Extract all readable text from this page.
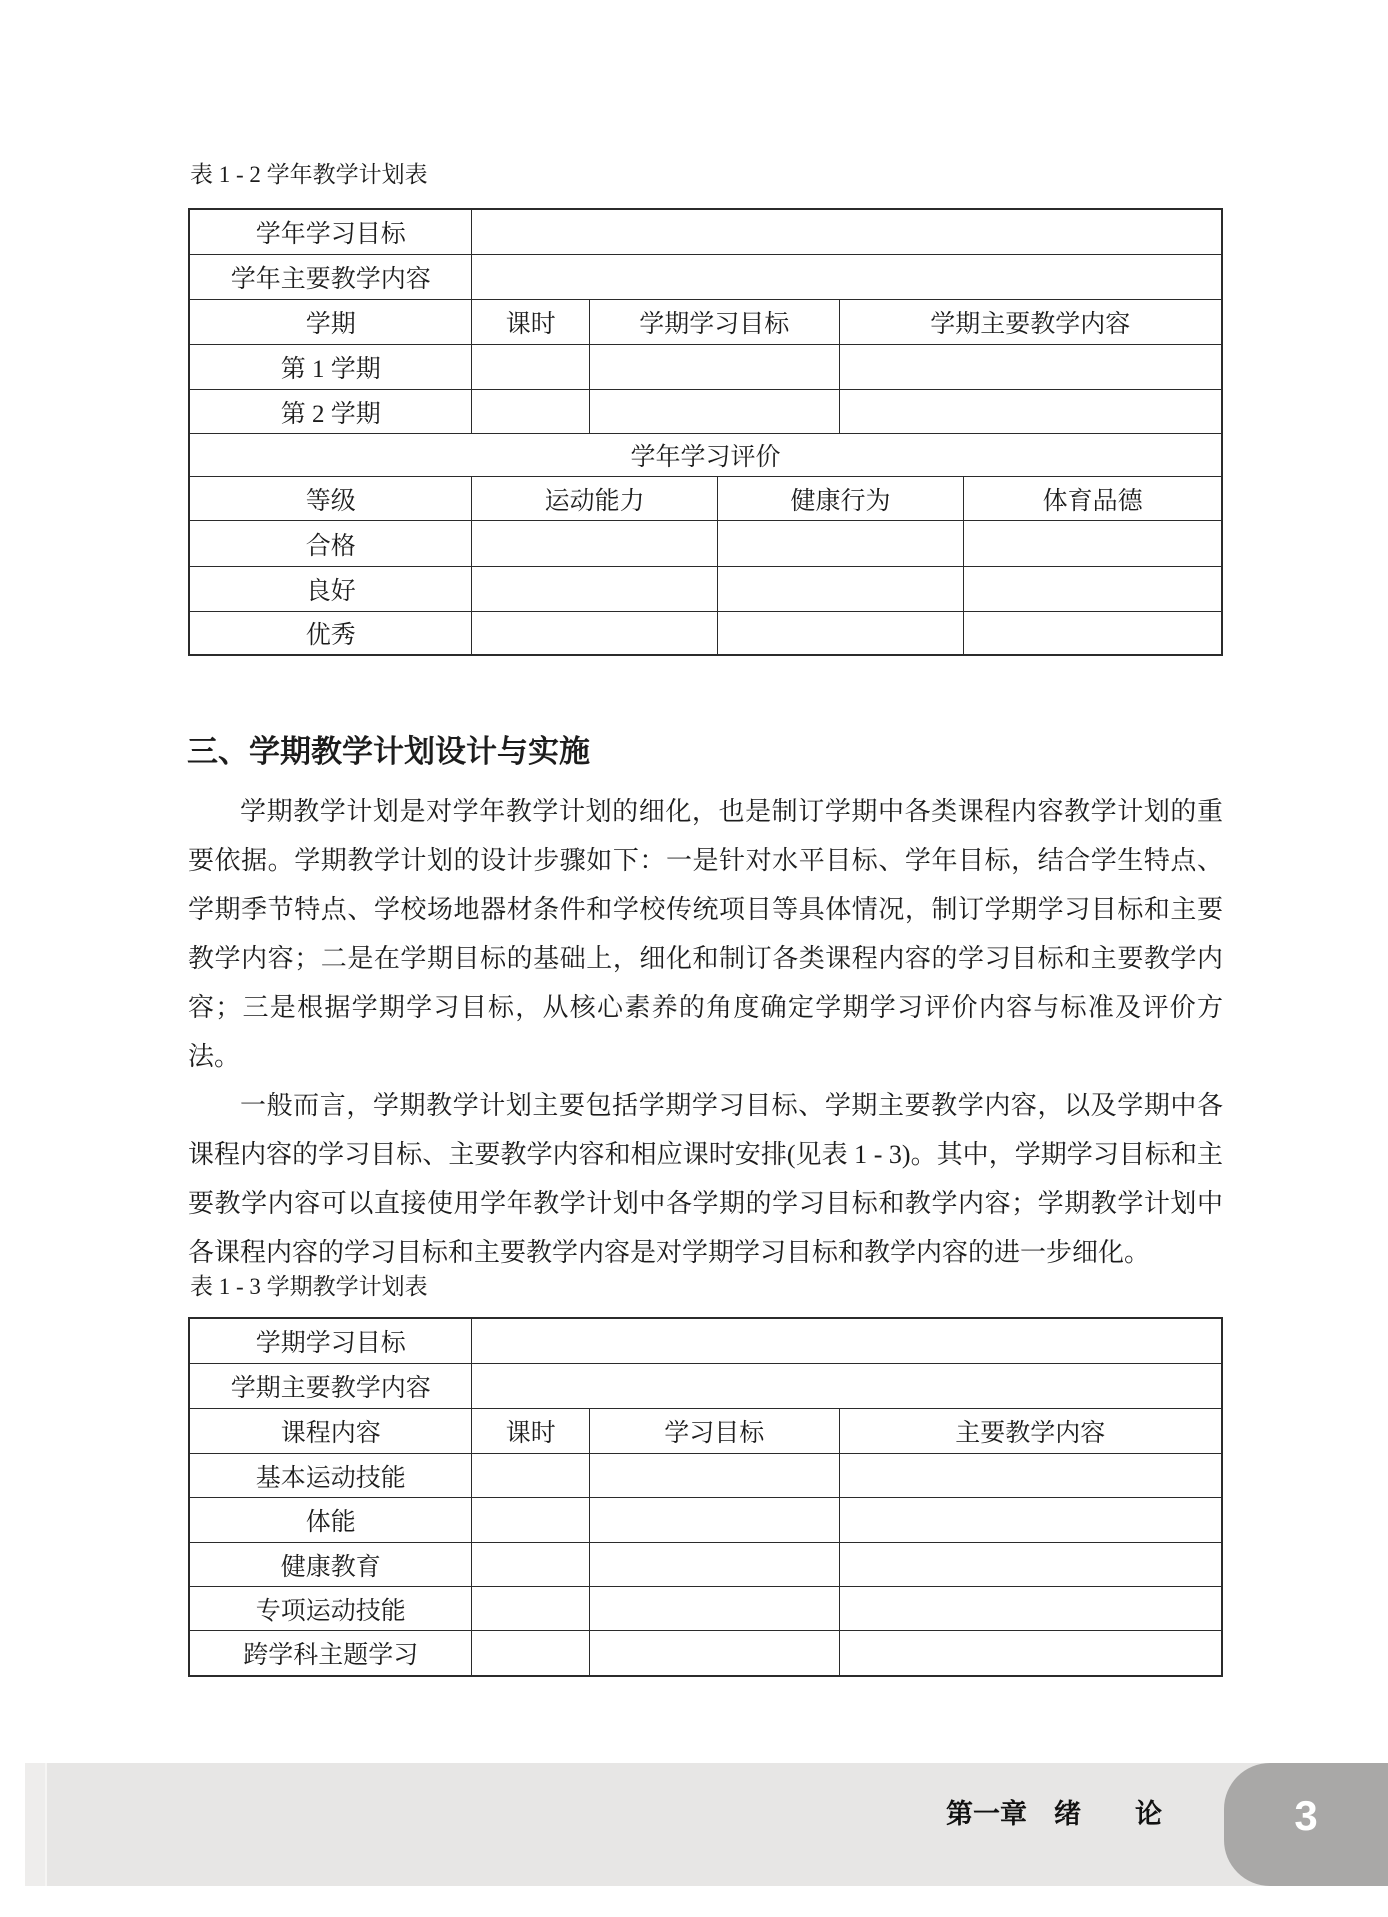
表 1 - 2 学年教学计划表
学年学习目标
学年主要教学内容
学期	课时	学期学习目标	学期主要教学内容
第 1 学期
第 2 学期
学年学习评价
等级	运动能力	健康行为	体育品德
合格
良好
优秀
三、学期教学计划设计与实施

学期教学计划是对学年教学计划的细化，也是制订学期中各类课程内容教学计划的重要依据。学期教学计划的设计步骤如下：一是针对水平目标、学年目标，结合学生特点、学期季节特点、学校场地器材条件和学校传统项目等具体情况，制订学期学习目标和主要教学内容；二是在学期目标的基础上，细化和制订各类课程内容的学习目标和主要教学内容；三是根据学期学习目标，从核心素养的角度确定学期学习评价内容与标准及评价方法。

一般而言，学期教学计划主要包括学期学习目标、学期主要教学内容，以及学期中各课程内容的学习目标、主要教学内容和相应课时安排(见表 1 - 3)。其中，学期学习目标和主要教学内容可以直接使用学年教学计划中各学期的学习目标和教学内容；学期教学计划中各课程内容的学习目标和主要教学内容是对学期学习目标和教学内容的进一步细化。

表 1 - 3 学期教学计划表
学期学习目标
学期主要教学内容
课程内容	课时	学习目标	主要教学内容
基本运动技能
体能
健康教育
专项运动技能
跨学科主题学习
第一章　绪　　论	3
